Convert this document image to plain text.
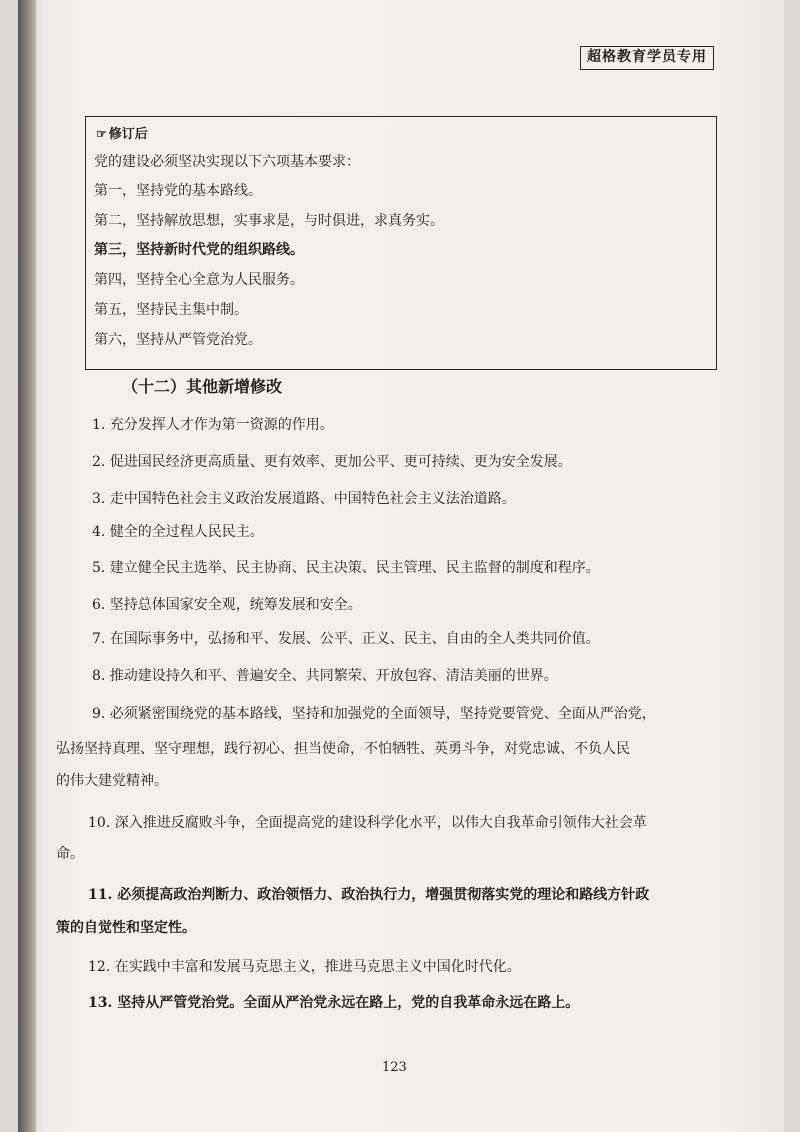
超格教育学员专用
☞ 修订后
党的建设必须坚决实现以下六项基本要求：
第一，坚持党的基本路线。
第二，坚持解放思想，实事求是，与时俱进，求真务实。
第三，坚持新时代党的组织路线。
第四，坚持全心全意为人民服务。
第五，坚持民主集中制。
第六，坚持从严管党治党。
（十二）其他新增修改
1. 充分发挥人才作为第一资源的作用。
2. 促进国民经济更高质量、更有效率、更加公平、更可持续、更为安全发展。
3. 走中国特色社会主义政治发展道路、中国特色社会主义法治道路。
4. 健全的全过程人民民主。
5. 建立健全民主选举、民主协商、民主决策、民主管理、民主监督的制度和程序。
6. 坚持总体国家安全观，统筹发展和安全。
7. 在国际事务中，弘扬和平、发展、公平、正义、民主、自由的全人类共同价值。
8. 推动建设持久和平、普遍安全、共同繁荣、开放包容、清洁美丽的世界。
9. 必须紧密围绕党的基本路线，坚持和加强党的全面领导，坚持党要管党、全面从严治党，
弘扬坚持真理、坚守理想，践行初心、担当使命，不怕牺牲、英勇斗争，对党忠诚、不负人民
的伟大建党精神。
10. 深入推进反腐败斗争，全面提高党的建设科学化水平，以伟大自我革命引领伟大社会革
命。
11. 必须提高政治判断力、政治领悟力、政治执行力，增强贯彻落实党的理论和路线方针政
策的自觉性和坚定性。
12. 在实践中丰富和发展马克思主义，推进马克思主义中国化时代化。
13. 坚持从严管党治党。全面从严治党永远在路上，党的自我革命永远在路上。
123
